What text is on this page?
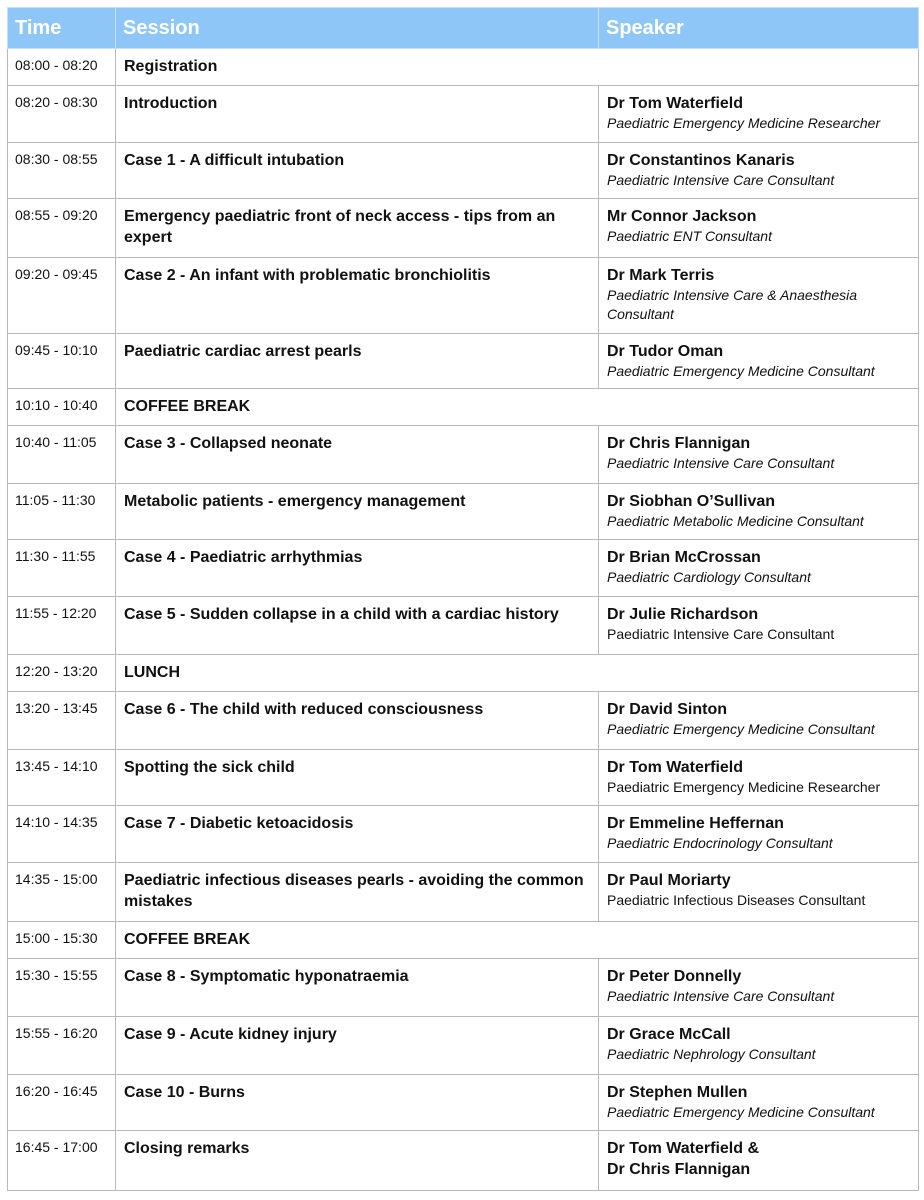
Time	Session	Speaker
08:00 - 08:20	Registration	
08:20 - 08:30	Introduction	Dr Tom Waterfield
Paediatric Emergency Medicine Researcher

08:30 - 08:55	Case 1 - A difficult intubation	Dr Constantinos Kanaris
Paediatric Intensive Care Consultant

08:55 - 09:20	Emergency paediatric front of neck access - tips from an expert	Mr Connor Jackson
Paediatric ENT Consultant

09:20 - 09:45	Case 2 - An infant with problematic bronchiolitis	Dr Mark Terris
Paediatric Intensive Care & Anaesthesia Consultant

09:45 - 10:10	Paediatric cardiac arrest pearls	Dr Tudor Oman
Paediatric Emergency Medicine Consultant

10:10 - 10:40	COFFEE BREAK	
10:40 - 11:05	Case 3 - Collapsed neonate	Dr Chris Flannigan
Paediatric Intensive Care Consultant

11:05 - 11:30	Metabolic patients - emergency management	Dr Siobhan O’Sullivan
Paediatric Metabolic Medicine Consultant

11:30 - 11:55	Case 4 - Paediatric arrhythmias	Dr Brian McCrossan
Paediatric Cardiology Consultant

11:55 - 12:20	Case 5 - Sudden collapse in a child with a cardiac history	Dr Julie Richardson
Paediatric Intensive Care Consultant

12:20 - 13:20	LUNCH	
13:20 - 13:45	Case 6 - The child with reduced consciousness	Dr David Sinton
Paediatric Emergency Medicine Consultant

13:45 - 14:10	Spotting the sick child	Dr Tom Waterfield
Paediatric Emergency Medicine Researcher

14:10 - 14:35	Case 7 - Diabetic ketoacidosis	Dr Emmeline Heffernan
Paediatric Endocrinology Consultant

14:35 - 15:00	Paediatric infectious diseases pearls - avoiding the common mistakes	Dr Paul Moriarty
Paediatric Infectious Diseases Consultant

15:00 - 15:30	COFFEE BREAK	
15:30 - 15:55	Case 8 - Symptomatic hyponatraemia	Dr Peter Donnelly
Paediatric Intensive Care Consultant

15:55 - 16:20	Case 9 - Acute kidney injury	Dr Grace McCall
Paediatric Nephrology Consultant

16:20 - 16:45	Case 10 - Burns	Dr Stephen Mullen
Paediatric Emergency Medicine Consultant

16:45 - 17:00	Closing remarks	Dr Tom Waterfield &
Dr Chris Flannigan
